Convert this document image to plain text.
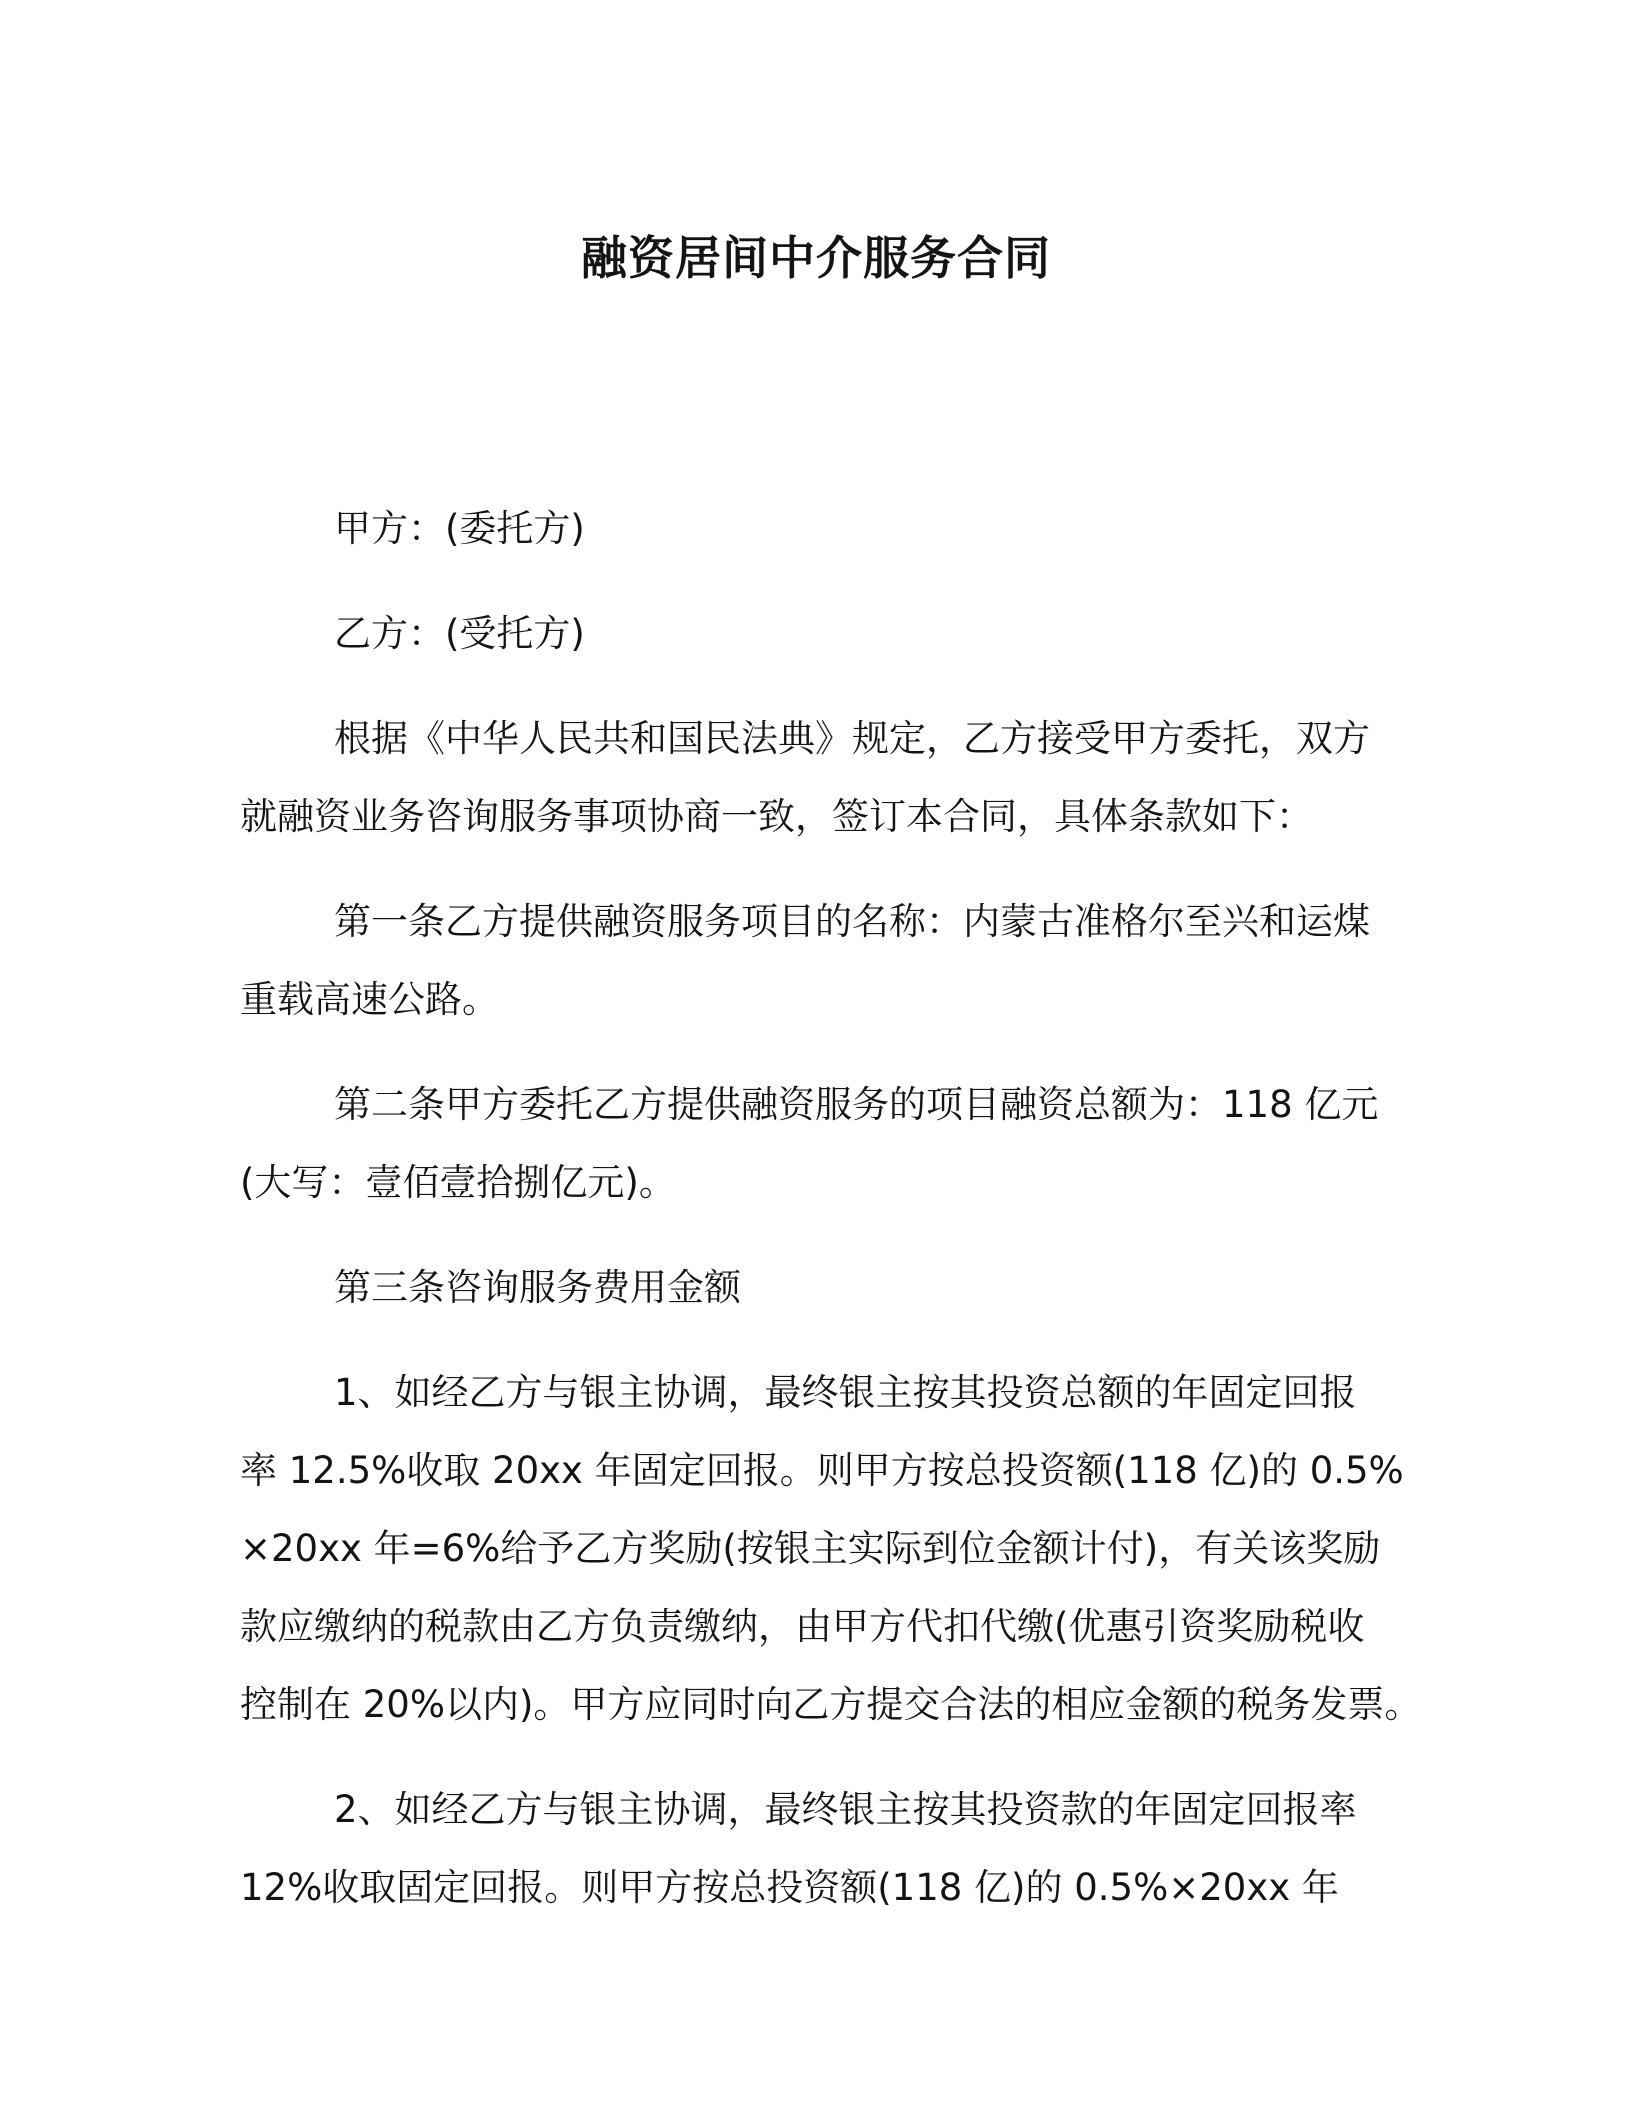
融资居间中介服务合同

甲方：(委托方)

乙方：(受托方)

根据《中华人民共和国民法典》规定，乙方接受甲方委托，双方
就融资业务咨询服务事项协商一致，签订本合同，具体条款如下：

第一条乙方提供融资服务项目的名称：内蒙古准格尔至兴和运煤
重载高速公路。

第二条甲方委托乙方提供融资服务的项目融资总额为：118 亿元
(大写：壹佰壹拾捌亿元)。

第三条咨询服务费用金额

1、如经乙方与银主协调，最终银主按其投资总额的年固定回报
率 12.5%收取 20xx 年固定回报。则甲方按总投资额(118 亿)的 0.5%
×20xx 年=6%给予乙方奖励(按银主实际到位金额计付)，有关该奖励
款应缴纳的税款由乙方负责缴纳，由甲方代扣代缴(优惠引资奖励税收
控制在 20%以内)。甲方应同时向乙方提交合法的相应金额的税务发票。

2、如经乙方与银主协调，最终银主按其投资款的年固定回报率
12%收取固定回报。则甲方按总投资额(118 亿)的 0.5%×20xx 年
